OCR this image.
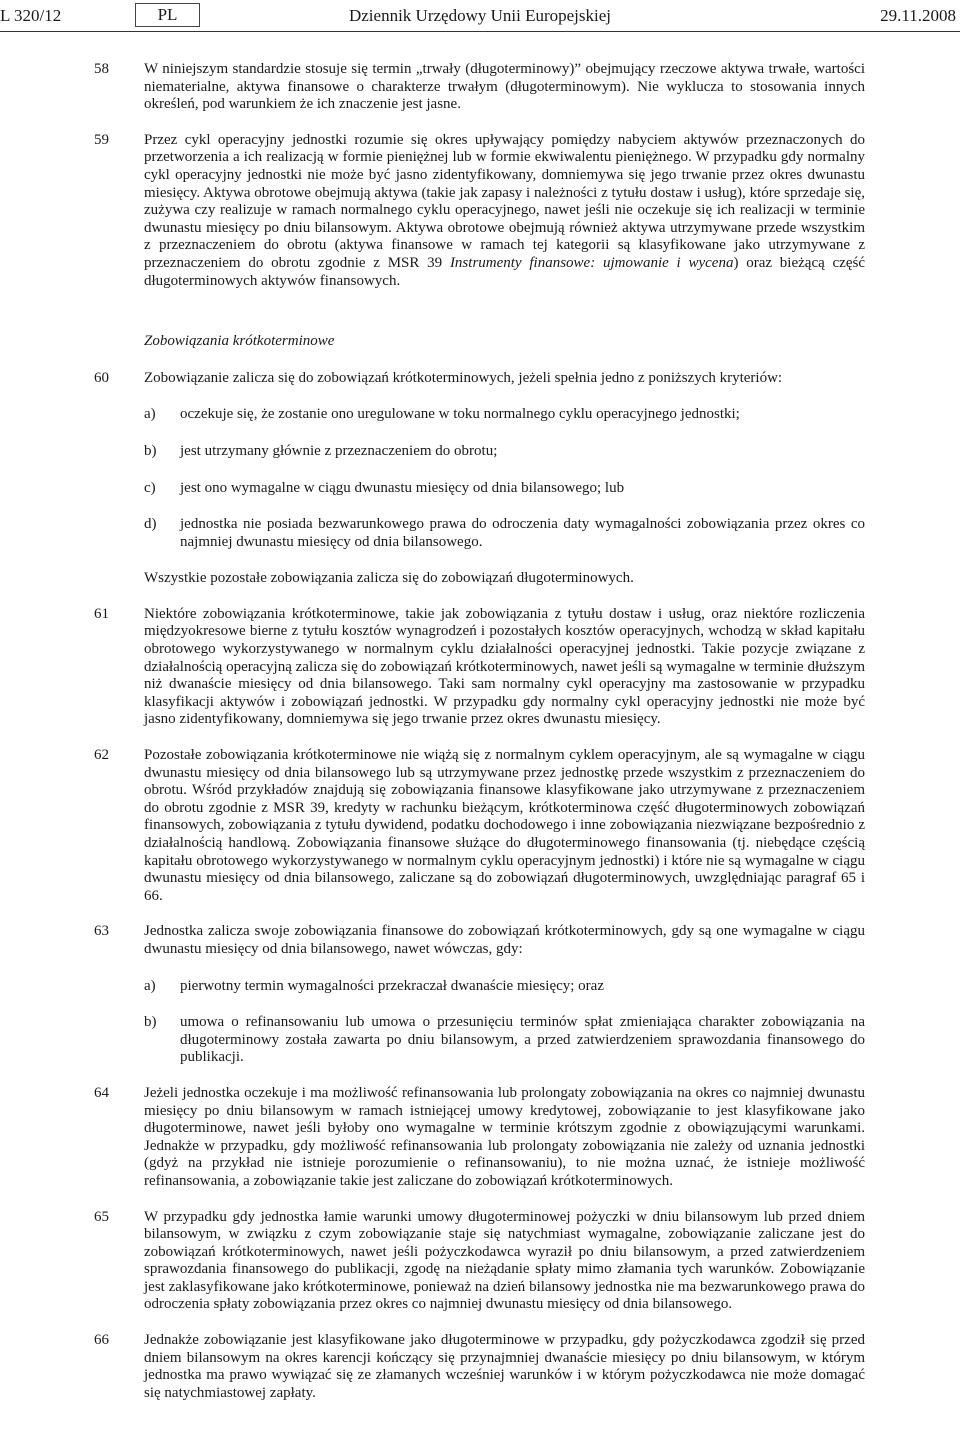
L 320/12	Dziennik Urzędowy Unii Europejskiej
PL	29.11.2008
58 W niniejszym standardzie stosuje się termin „trwały (długoterminowy)” obejmujący rzeczowe aktywa trwałe, wartości niematerialne, aktywa finansowe o charakterze trwałym (długoterminowym). Nie wyklucza to stosowania innych określeń, pod warunkiem że ich znaczenie jest jasne.

59 Przez cykl operacyjny jednostki rozumie się okres upływający pomiędzy nabyciem aktywów przeznaczonych do przetworzenia a ich realizacją w formie pieniężnej lub w formie ekwiwalentu pieniężnego. W przypadku gdy normalny cykl operacyjny jednostki nie może być jasno zidentyfikowany, domniemywa się jego trwanie przez okres dwunastu miesięcy. Aktywa obrotowe obejmują aktywa (takie jak zapasy i należności z tytułu dostaw i usług), które sprzedaje się, zużywa czy realizuje w ramach normalnego cyklu operacyjnego, nawet jeśli nie oczekuje się ich realizacji w terminie dwunastu miesięcy po dniu bilansowym. Aktywa obrotowe obejmują również aktywa utrzymywane przede wszystkim z przeznaczeniem do obrotu (aktywa finansowe w ramach tej kategorii są klasyfikowane jako utrzymywane z przeznaczeniem do obrotu zgodnie z MSR 39 Instrumenty finansowe: ujmowanie i wycena) oraz bieżącą część długoterminowych aktywów finansowych.

Zobowiązania krótkoterminowe
60 Zobowiązanie zalicza się do zobowiązań krótkoterminowych, jeżeli spełnia jedno z poniższych kryteriów:

a) oczekuje się, że zostanie ono uregulowane w toku normalnego cyklu operacyjnego jednostki;
b) jest utrzymany głównie z przeznaczeniem do obrotu;
c) jest ono wymagalne w ciągu dwunastu miesięcy od dnia bilansowego; lub
d) jednostka nie posiada bezwarunkowego prawa do odroczenia daty wymagalności zobowiązania przez okres co najmniej dwunastu miesięcy od dnia bilansowego.

Wszystkie pozostałe zobowiązania zalicza się do zobowiązań długoterminowych.

61 Niektóre zobowiązania krótkoterminowe, takie jak zobowiązania z tytułu dostaw i usług, oraz niektóre rozliczenia międzyokresowe bierne z tytułu kosztów wynagrodzeń i pozostałych kosztów operacyjnych, wchodzą w skład kapitału obrotowego wykorzystywanego w normalnym cyklu działalności operacyjnej jednostki. Takie pozycje związane z działalnością operacyjną zalicza się do zobowiązań krótkoterminowych, nawet jeśli są wymagalne w terminie dłuższym niż dwanaście miesięcy od dnia bilansowego. Taki sam normalny cykl operacyjny ma zastosowanie w przypadku klasyfikacji aktywów i zobowiązań jednostki. W przypadku gdy normalny cykl operacyjny jednostki nie może być jasno zidentyfikowany, domniemywa się jego trwanie przez okres dwunastu miesięcy.

62 Pozostałe zobowiązania krótkoterminowe nie wiążą się z normalnym cyklem operacyjnym, ale są wymagalne w ciągu dwunastu miesięcy od dnia bilansowego lub są utrzymywane przez jednostkę przede wszystkim z przeznaczeniem do obrotu. Wśród przykładów znajdują się zobowiązania finansowe klasyfikowane jako utrzymywane z przeznaczeniem do obrotu zgodnie z MSR 39, kredyty w rachunku bieżącym, krótkoterminowa część długoterminowych zobowiązań finansowych, zobowiązania z tytułu dywidend, podatku dochodowego i inne zobowiązania niezwiązane bezpośrednio z działalnością handlową. Zobowiązania finansowe służące do długoterminowego finansowania (tj. niebędące częścią kapitału obrotowego wykorzystywanego w normalnym cyklu operacyjnym jednostki) i które nie są wymagalne w ciągu dwunastu miesięcy od dnia bilansowego, zaliczane są do zobowiązań długoterminowych, uwzględniając paragraf 65 i 66.

63 Jednostka zalicza swoje zobowiązania finansowe do zobowiązań krótkoterminowych, gdy są one wymagalne w ciągu dwunastu miesięcy od dnia bilansowego, nawet wówczas, gdy:

a) pierwotny termin wymagalności przekraczał dwanaście miesięcy; oraz
b) umowa o refinansowaniu lub umowa o przesunięciu terminów spłat zmieniająca charakter zobowiązania na długoterminowy została zawarta po dniu bilansowym, a przed zatwierdzeniem sprawozdania finansowego do publikacji.
64 Jeżeli jednostka oczekuje i ma możliwość refinansowania lub prolongaty zobowiązania na okres co najmniej dwunastu miesięcy po dniu bilansowym w ramach istniejącej umowy kredytowej, zobowiązanie to jest klasyfikowane jako długoterminowe, nawet jeśli byłoby ono wymagalne w terminie krótszym zgodnie z obowiązującymi warunkami. Jednakże w przypadku, gdy możliwość refinansowania lub prolongaty zobowiązania nie zależy od uznania jednostki (gdyż na przykład nie istnieje porozumienie o refinansowaniu), to nie można uznać, że istnieje możliwość refinansowania, a zobowiązanie takie jest zaliczane do zobowiązań krótkoterminowych.

65 W przypadku gdy jednostka łamie warunki umowy długoterminowej pożyczki w dniu bilansowym lub przed dniem bilansowym, w związku z czym zobowiązanie staje się natychmiast wymagalne, zobowiązanie zaliczane jest do zobowiązań krótkoterminowych, nawet jeśli pożyczkodawca wyraził po dniu bilansowym, a przed zatwierdzeniem sprawozdania finansowego do publikacji, zgodę na nieżądanie spłaty mimo złamania tych warunków. Zobowiązanie jest zaklasyfikowane jako krótkoterminowe, ponieważ na dzień bilansowy jednostka nie ma bezwarunkowego prawa do odroczenia spłaty zobowiązania przez okres co najmniej dwunastu miesięcy od dnia bilansowego.

66 Jednakże zobowiązanie jest klasyfikowane jako długoterminowe w przypadku, gdy pożyczkodawca zgodził się przed dniem bilansowym na okres karencji kończący się przynajmniej dwanaście miesięcy po dniu bilansowym, w którym jednostka ma prawo wywiązać się ze złamanych wcześniej warunków i w którym pożyczkodawca nie może domagać się natychmiastowej zapłaty.
